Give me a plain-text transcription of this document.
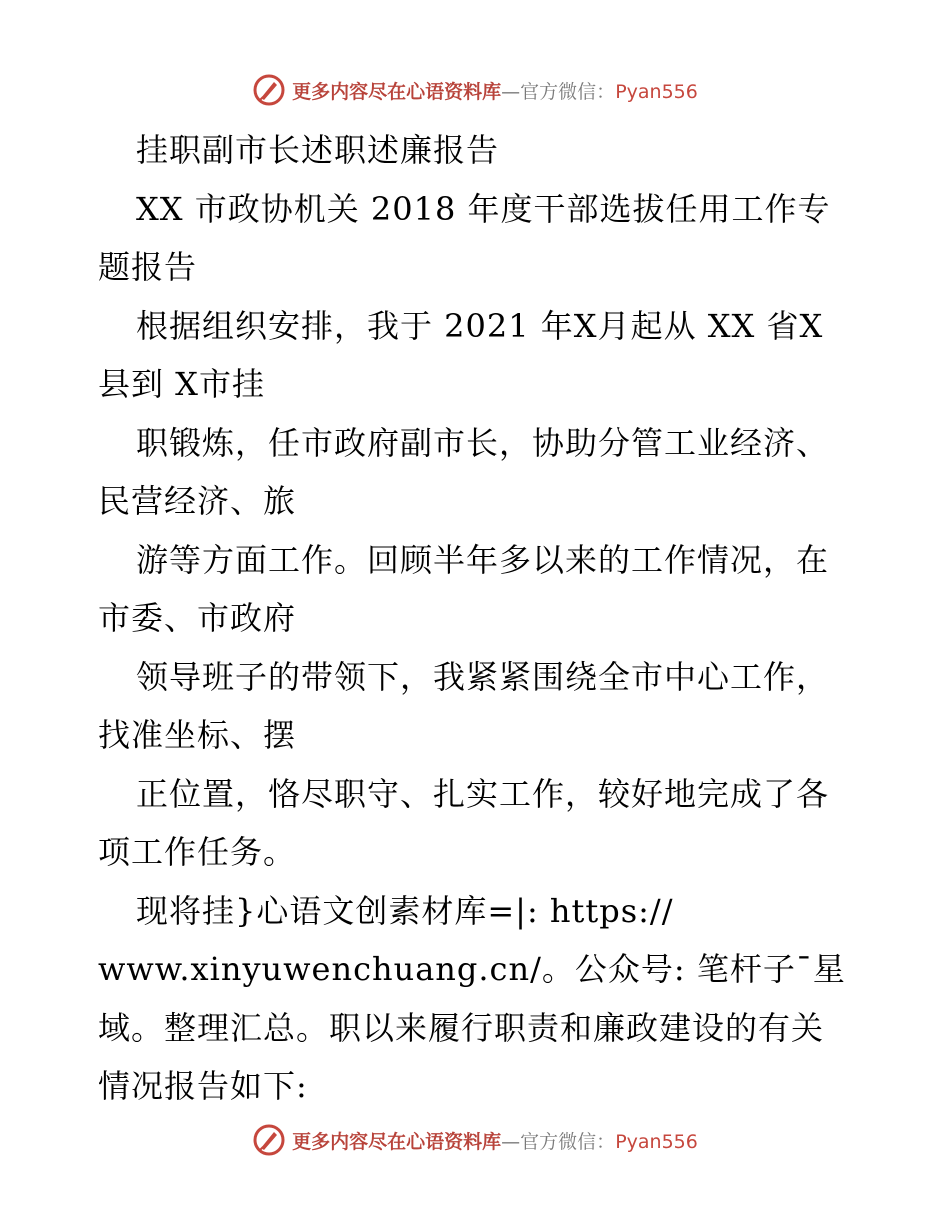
更多内容尽在心语资料库—官方微信：Pyan556
挂职副市长述职述廉报告
XX 市政协机关 2018 年度干部选拔任用工作专
题报告
根据组织安排，我于 2021 年X月起从 XX 省X
县到 X市挂
职锻炼，任市政府副市长，协助分管工业经济、
民营经济、旅
游等方面工作。回顾半年多以来的工作情况，在
市委、市政府
领导班子的带领下，我紧紧围绕全市中心工作，
找准坐标、摆
正位置，恪尽职守、扎实工作，较好地完成了各
项工作任务。
现将挂}心语文创素材库=|: https://
www.xinyuwenchuang.cn/。公众号: 笔杆子¯星
域。整理汇总。职以来履行职责和廉政建设的有关
情况报告如下:
更多内容尽在心语资料库—官方微信：Pyan556
